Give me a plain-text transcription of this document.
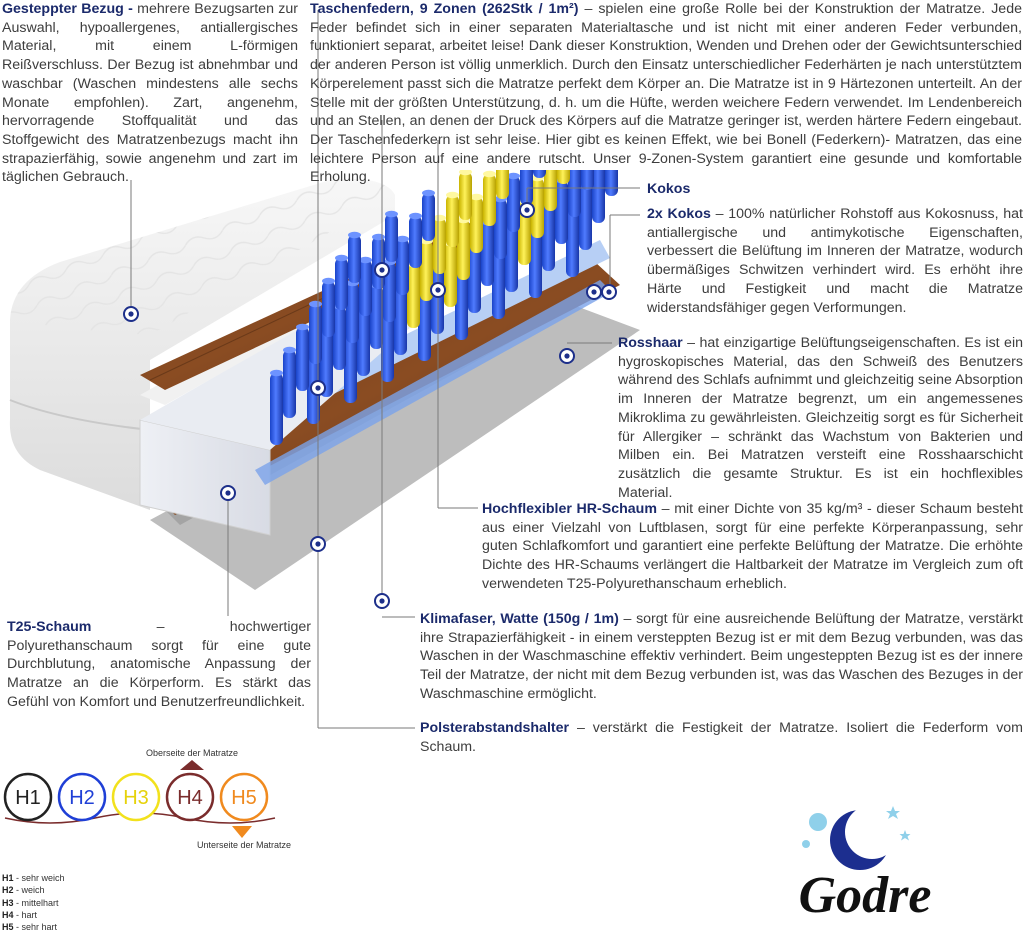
Gesteppter Bezug - mehrere Bezugsarten zur Auswahl, hypoallergenes, antiallergisches Material, mit einem L-förmigen Reißverschluss. Der Bezug ist abnehmbar und waschbar (Waschen mindestens alle sechs Monate empfohlen). Zart, angenehm, hervorragende Stoffqualität und das Stoffgewicht des Matratzenbezugs macht ihn strapazierfähig, sowie angenehm und zart im täglichen Gebrauch.
Taschenfedern, 9 Zonen (262Stk / 1m²) – spielen eine große Rolle bei der Konstruktion der Matratze. Jede Feder befindet sich in einer separaten Materialtasche und ist nicht mit einer anderen Feder verbunden, funktioniert separat, arbeitet leise! Dank dieser Konstruktion, Wenden und Drehen oder der Gewichtsunterschied der anderen Person ist völlig unmerklich. Durch den Einsatz unterschiedlicher Federhärten je nach unterstütztem Körperelement passt sich die Matratze perfekt dem Körper an. Die Matratze ist in 9 Härtezonen unterteilt. An der Stelle mit der größten Unterstützung, d. h. um die Hüfte, werden weichere Federn verwendet. Im Lendenbereich und an Stellen, an denen der Druck des Körpers auf die Matratze geringer ist, werden härtere Federn eingebaut. Der Taschenfederkern ist sehr leise. Hier gibt es keinen Effekt, wie bei Bonell (Federkern)- Matratzen, das eine leichtere Person auf eine andere rutscht. Unser 9-Zonen-System garantiert eine gesunde und komfortable Erholung.
Kokos
2x Kokos – 100% natürlicher Rohstoff aus Kokosnuss, hat antiallergische und antimykotische Eigenschaften, verbessert die Belüftung im Inneren der Matratze, wodurch übermäßiges Schwitzen verhindert wird. Es erhöht ihre Härte und Festigkeit und macht die Matratze widerstandsfähiger gegen Verformungen.
Rosshaar – hat einzigartige Belüftungseigenschaften. Es ist ein hygroskopisches Material, das den Schweiß des Benutzers während des Schlafs aufnimmt und gleichzeitig seine Absorption im Inneren der Matratze begrenzt, um ein angemessenes Mikroklima zu gewährleisten. Gleichzeitig sorgt es für Sicherheit für Allergiker – schränkt das Wachstum von Bakterien und Milben ein. Bei Matratzen versteift eine Rosshaarschicht zusätzlich die gesamte Struktur. Es ist ein hochflexibles Material.
Hochflexibler HR-Schaum – mit einer Dichte von 35 kg/m³ - dieser Schaum besteht aus einer Vielzahl von Luftblasen, sorgt für eine perfekte Körperanpassung, sehr guten Schlafkomfort und garantiert eine perfekte Belüftung der Matratze. Die erhöhte Dichte des HR-Schaums verlängert die Haltbarkeit der Matratze im Vergleich zum oft verwendeten T25-Polyurethanschaum erheblich.
Klimafaser, Watte (150g / 1m) – sorgt für eine ausreichende Belüftung der Matratze, verstärkt ihre Strapazierfähigkeit - in einem versteppten Bezug ist er mit dem Bezug verbunden, was das Waschen in der Waschmaschine effektiv verhindert. Beim ungesteppten Bezug ist es der innere Teil der Matratze, der nicht mit dem Bezug verbunden ist, was das Waschen des Bezuges in der Waschmaschine ermöglicht.
Polsterabstandshalter – verstärkt die Festigkeit der Matratze. Isoliert die Federform vom Schaum.
T25-Schaum – hochwertiger Polyurethanschaum sorgt für eine gute Durchblutung, anatomische Anpassung der Matratze an die Körperform. Es stärkt das Gefühl von Komfort und Benutzerfreundlichkeit.
Oberseite der Matratze
H1 H2 H3 H4 H5
Unterseite der Matratze
H1 - sehr weich
H2 - weich
H3 - mittelhart
H4 - hart
H5 - sehr hart
Godre
